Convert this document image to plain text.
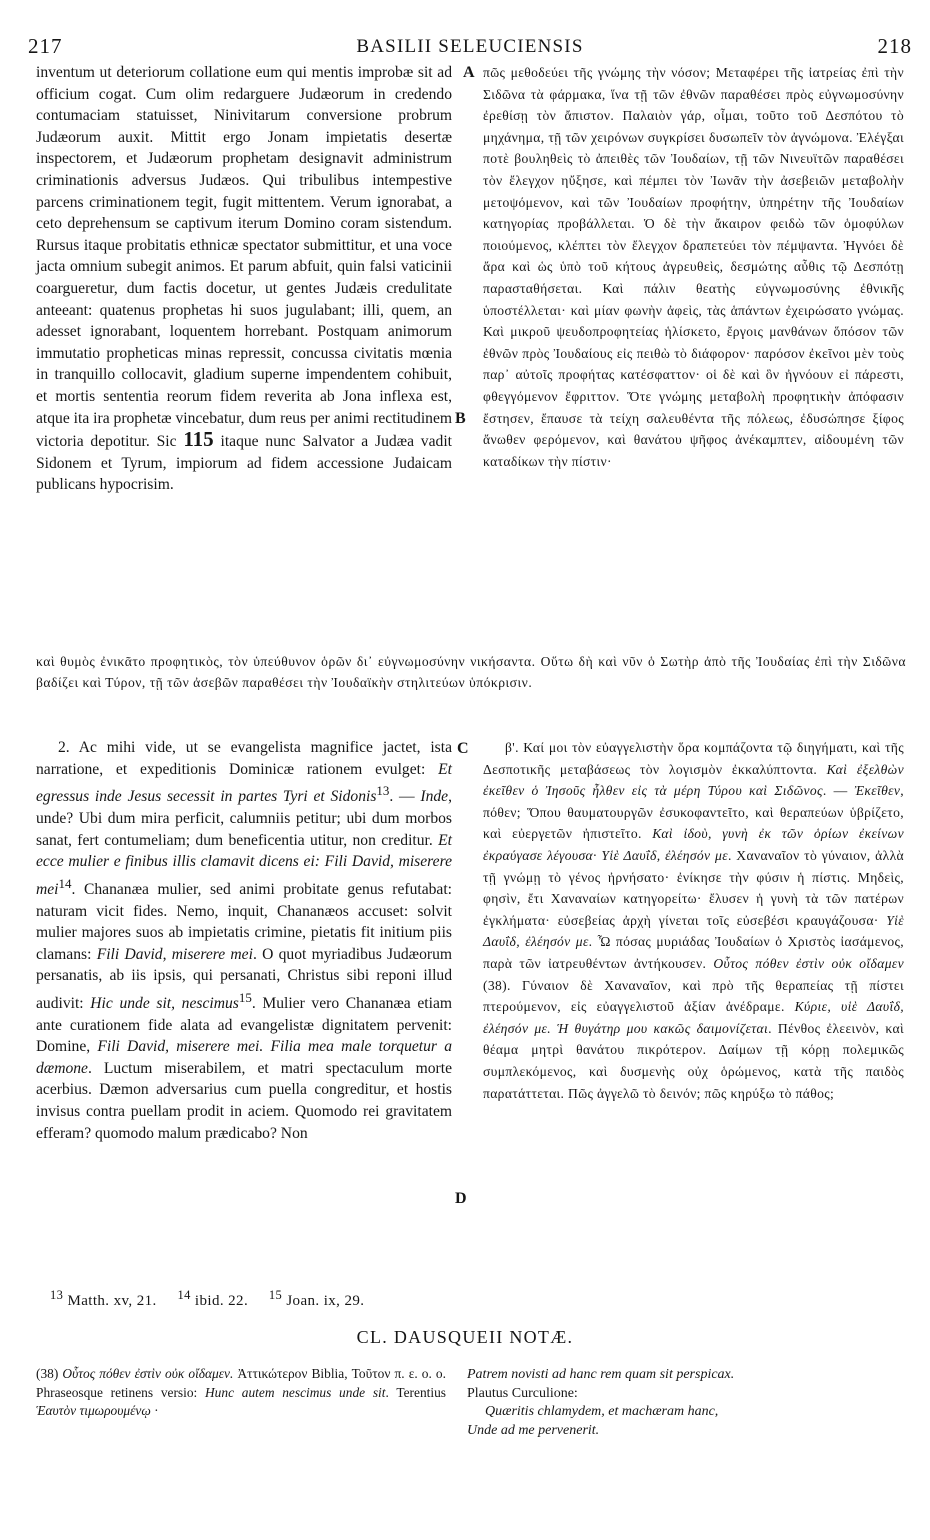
217	BASILII SELEUCIENSIS	218
A
B
C
D

inventum ut deteriorum collatione eum qui mentis improbæ sit ad officium cogat. Cum olim redarguere Judæorum in credendo contumaciam statuisset, Ninivitarum conversione probrum Judæorum auxit. Mittit ergo Jonam impietatis desertæ inspectorem, et Judæorum prophetam designavit administrum criminationis adversus Judæos. Qui tribulibus intempestive parcens criminationem tegit, fugit mittentem. Verum ignorabat, a ceto deprehensum se captivum iterum Domino coram sistendum. Rursus itaque probitatis ethnicæ spectator submittitur, et una voce jacta omnium subegit animos. Et parum abfuit, quin falsi vaticinii coargueretur, dum factis docetur, ut gentes Judæis credulitate anteeant: quatenus prophetas hi suos jugulabant; illi, quem, an adesset ignorabant, loquentem horrebant. Postquam animorum immutatio propheticas minas repressit, concussa civitatis mœnia in tranquillo collocavit, gladium superne impendentem cohibuit, et mortis sententia reorum fidem reverita ab Jona inflexa est, atque ita ira prophetæ vincebatur, dum reus per animi rectitudinem victoria depotitur. Sic 115 itaque nunc Salvator a Judæa vadit Sidonem et Tyrum, impiorum ad fidem accessione Judaicam publicans hypocrisim.

πῶς μεθοδεύει τῆς γνώμης τὴν νόσον; Μεταφέρει τῆς ἰατρείας ἐπὶ τὴν Σιδῶνα τὰ φάρμακα, ἵνα τῇ τῶν ἐθνῶν παραθέσει πρὸς εὐγνωμοσύνην ἐρεθίσῃ τὸν ἄπιστον. Παλαιὸν γάρ, οἶμαι, τοῦτο τοῦ Δεσπότου τὸ μηχάνημα, τῇ τῶν χειρόνων συγκρίσει δυσωπεῖν τὸν ἀγνώμονα. Ἐλέγξαι ποτὲ βουληθεὶς τὸ ἀπειθὲς τῶν Ἰουδαίων, τῇ τῶν Νινευϊτῶν παραθέσει τὸν ἔλεγχον ηὔξησε, καὶ πέμπει τὸν Ἰωνᾶν τὴν ἀσεβειῶν μεταβολὴν μετοψόμενον, καὶ τῶν Ἰουδαίων προφήτην, ὑπηρέτην τῆς Ἰουδαίων κατηγορίας προβάλλεται. Ὁ δὲ τὴν ἄκαιρον φειδὼ τῶν ὁμοφύλων ποιούμενος, κλέπτει τὸν ἔλεγχον δραπετεύει τὸν πέμψαντα. Ἠγνόει δὲ ἄρα καὶ ὡς ὑπὸ τοῦ κήτους ἀγρευθεὶς, δεσμώτης αὖθις τῷ Δεσπότῃ παρασταθήσεται. Καὶ πάλιν θεατὴς εὐγνωμοσύνης ἐθνικῆς ὑποστέλλεται· καὶ μίαν φωνὴν ἀφεὶς, τὰς ἁπάντων ἐχειρώσατο γνώμας. Καὶ μικροῦ ψευδοπροφητείας ἡλίσκετο, ἔργοις μανθάνων ὅπόσον τῶν ἐθνῶν πρὸς Ἰουδαίους εἰς πειθὼ τὸ διάφορον· παρόσον ἐκεῖνοι μὲν τοὺς παρ᾽ αὐτοῖς προφήτας κατέσφαττον· οἱ δὲ καὶ ὃν ἠγνόουν εἰ πάρεστι, φθεγγόμενον ἔφριττον. Ὅτε γνώμης μεταβολὴ προφητικὴν ἀπόφασιν ἔστησεν, ἔπαυσε τὰ τείχη σαλευθέντα τῆς πόλεως, ἐδυσώπησε ξίφος ἄνωθεν φερόμενον, καὶ θανάτου ψῆφος ἀνέκαμπτεν, αἰδουμένη τῶν καταδίκων τὴν πίστιν·

καὶ θυμὸς ἐνικᾶτο προφητικὸς, τὸν ὑπεύθυνον ὁρῶν δι᾽ εὐγνωμοσύνην νικήσαντα. Οὕτω δὴ καὶ νῦν ὁ Σωτὴρ ἀπὸ τῆς Ἰουδαίας ἐπὶ τὴν Σιδῶνα βαδίζει καὶ Τύρον, τῇ τῶν ἀσεβῶν παραθέσει τὴν Ἰουδαϊκὴν στηλιτεύων ὑπόκρισιν.

2. Ac mihi vide, ut se evangelista magnifice jactet, ista narratione, et expeditionis Dominicæ rationem evulget: Et egressus inde Jesus secessit in partes Tyri et Sidonis$^{13}$. — Inde, unde? Ubi dum mira perficit, calumniis petitur; ubi dum morbos sanat, fert contumeliam; dum beneficentia utitur, non creditur. Et ecce mulier e finibus illis clamavit dicens ei: Fili David, miserere mei$^{14}$. Chananæa mulier, sed animi probitate genus refutabat: naturam vicit fides. Nemo, inquit, Chananæos accuset: solvit mulier majores suos ab impietatis crimine, pietatis fit initium piis clamans: Fili David, miserere mei. O quot myriadibus Judæorum persanatis, ab iis ipsis, qui persanati, Christus sibi reponi illud audivit: Hic unde sit, nescimus$^{15}$. Mulier vero Chananæa etiam ante curationem fide alata ad evangelistæ dignitatem pervenit: Domine, Fili David, miserere mei. Filia mea male torquetur a dæmone. Luctum miserabilem, et matri spectaculum morte acerbius. Dæmon adversarius cum puella congreditur, et hostis invisus contra puellam prodit in aciem. Quomodo rei gravitatem efferam? quomodo malum prædicabo? Non

β'. Καί μοι τὸν εὐαγγελιστὴν ὅρα κομπάζοντα τῷ διηγήματι, καὶ τῆς Δεσποτικῆς μεταβάσεως τὸν λογισμὸν ἐκκαλύπτοντα. Καὶ ἐξελθὼν ἐκεῖθεν ὁ Ἰησοῦς ἦλθεν εἰς τὰ μέρη Τύρου καὶ Σιδῶνος. — Ἐκεῖθεν, πόθεν; Ὅπου θαυματουργῶν ἐσυκοφαντεῖτο, καὶ θεραπεύων ὑβρίζετο, καὶ εὐεργετῶν ἠπιστεῖτο. Καὶ ἰδοὺ, γυνὴ ἐκ τῶν ὁρίων ἐκείνων ἐκραύγασε λέγουσα· Υἱὲ Δαυΐδ, ἐλέησόν με. Χαναναῖον τὸ γύναιον, ἀλλὰ τῇ γνώμῃ τὸ γένος ἠρνήσατο· ἐνίκησε τὴν φύσιν ἡ πίστις. Μηδεὶς, φησὶν, ἔτι Χαναναίων κατηγορείτω· ἔλυσεν ἡ γυνὴ τὰ τῶν πατέρων ἐγκλήματα· εὐσεβείας ἀρχὴ γίνεται τοῖς εὐσεβέσι κραυγάζουσα· Υἱὲ Δαυΐδ, ἐλέησόν με. Ὦ πόσας μυριάδας Ἰουδαίων ὁ Χριστὸς ἰασάμενος, παρὰ τῶν ἰατρευθέντων ἀντήκουσεν. Οὗτος πόθεν ἐστὶν οὐκ οἴδαμεν (38). Γύναιον δὲ Χαναναῖον, καὶ πρὸ τῆς θεραπείας τῇ πίστει πτερούμενον, εἰς εὐαγγελιστοῦ ἀξίαν ἀνέδραμε. Κύριε, υἱὲ Δαυΐδ, ἐλέησόν με. Ἡ θυγάτηρ μου κακῶς δαιμονίζεται. Πένθος ἐλεεινὸν, καὶ θέαμα μητρὶ θανάτου πικρότερον. Δαίμων τῇ κόρῃ πολεμικῶς συμπλεκόμενος, καὶ δυσμενὴς οὐχ ὁρώμενος, κατὰ τῆς παιδὸς παρατάττεται. Πῶς ἀγγελῶ τὸ δεινόν; πῶς κηρύξω τὸ πάθος;

$^{13}$ Matth. xv, 21. $^{14}$ ibid. 22. $^{15}$ Joan. ix, 29.
CL. DAUSQUEII NOTÆ.
(38) Οὗτος πόθεν ἐστὶν οὐκ οἴδαμεν. Ἀττικώτερον Biblia, Τοῦτον π. ε. ο. ο. Phraseosque retinens versio: Hunc autem nescimus unde sit. Terentius Ἑαυτὸν τιμωρουμένῳ ·
Patrem novisti ad hanc rem quam sit perspicax.
Plautus Curculione:
Quæritis chlamydem, et machæram hanc,
Unde ad me pervenerit.
